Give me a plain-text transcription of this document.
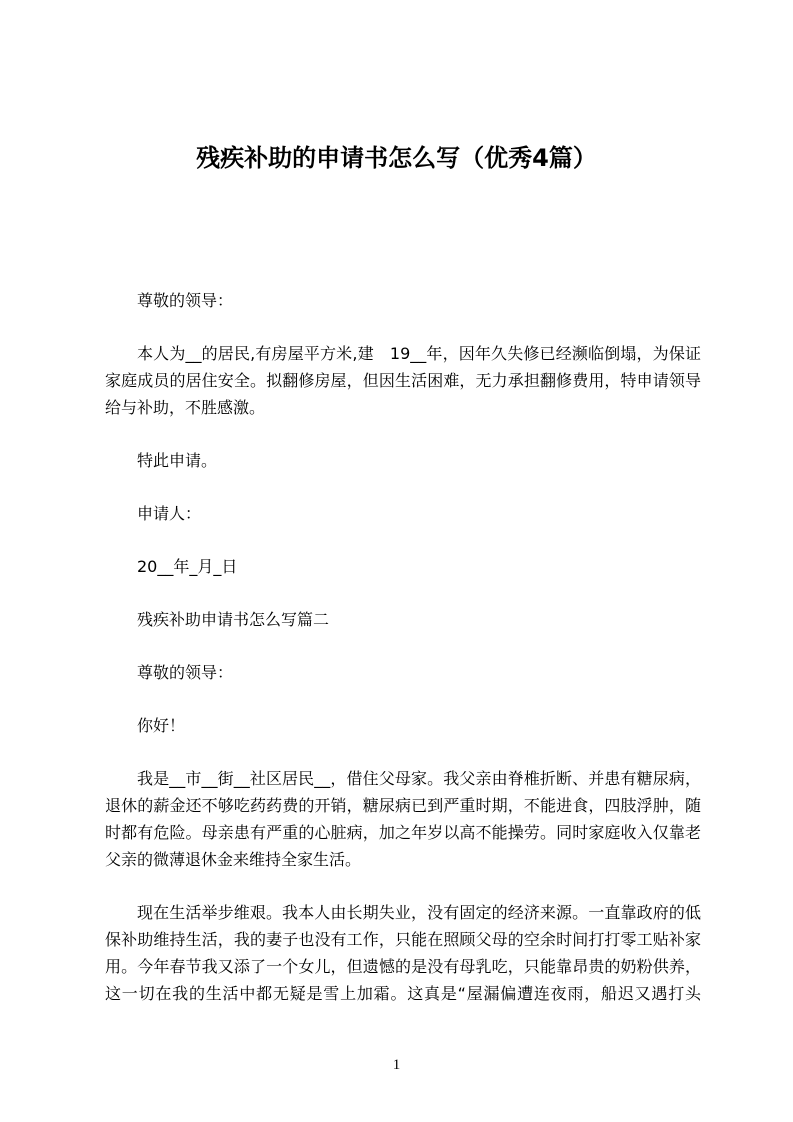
残疾补助的申请书怎么写（优秀4篇）
尊敬的领导：
本人为__的居民,有房屋平方米,建　19__年，因年久失修已经濒临倒塌，为保证
家庭成员的居住安全。拟翻修房屋，但因生活困难，无力承担翻修费用，特申请领导
给与补助，不胜感激。
特此申请。
申请人：
20__年_月_日
残疾补助申请书怎么写篇二
尊敬的领导：
你好！
我是__市__街__社区居民__，借住父母家。我父亲由脊椎折断、并患有糖尿病，
退休的薪金还不够吃药药费的开销，糖尿病已到严重时期，不能进食，四肢浮肿，随
时都有危险。母亲患有严重的心脏病，加之年岁以高不能操劳。同时家庭收入仅靠老
父亲的微薄退休金来维持全家生活。
现在生活举步维艰。我本人由长期失业，没有固定的经济来源。一直靠政府的低
保补助维持生活，我的妻子也没有工作，只能在照顾父母的空余时间打打零工贴补家
用。今年春节我又添了一个女儿，但遗憾的是没有母乳吃，只能靠昂贵的奶粉供养，
这一切在我的生活中都无疑是雪上加霜。这真是“屋漏偏遭连夜雨，船迟又遇打头
1
